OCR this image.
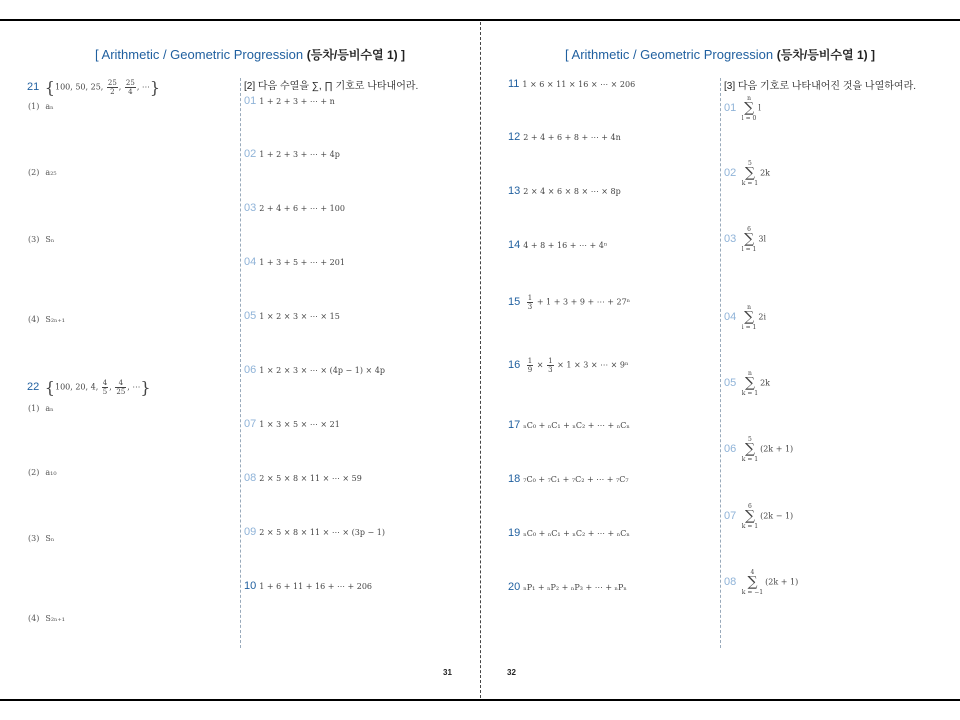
[ Arithmetic / Geometric Progression (등차/등비수열 1) ]
21 {100, 50, 25, $\frac{25}{2}$ , $\frac{25}{4}$ , ⋯}
(1) aₙ
(2) a₂₅
(3) Sₙ
(4) S₂ₙ₊₁
22 {100, 20, 4, $\frac{4}{5}$ , $\frac{4}{25}$ , ⋯}
(1) aₙ
(2) a₁₀
(3) Sₙ
(4) S₂ₙ₊₁
[2] 다음 수열을 ∑, ∏ 기호로 나타내어라.
01 1 + 2 + 3 + ⋯ + n
02 1 + 2 + 3 + ⋯ + 4p
03 2 + 4 + 6 + ⋯ + 100
04 1 + 3 + 5 + ⋯ + 201
05 1 × 2 × 3 × ⋯ × 15
06 1 × 2 × 3 × ⋯ × (4p − 1) × 4p
07 1 × 3 × 5 × ⋯ × 21
08 2 × 5 × 8 × 11 × ⋯ × 59
09 2 × 5 × 8 × 11 × ⋯ × (3p − 1)
10 1 + 6 + 11 + 16 + ⋯ + 206
31
[ Arithmetic / Geometric Progression (등차/등비수열 1) ]
11 1 × 6 × 11 × 16 × ⋯ × 206
12 2 + 4 + 6 + 8 + ⋯ + 4n
13 2 × 4 × 6 × 8 × ⋯ × 8p
14 4 + 8 + 16 + ⋯ + 4ⁿ
$15 \frac{1}{3} + 1 + 3 + 9$ + ⋯ + 27ⁿ
$16 \frac{1}{9} \times \frac{1}{3} \times 1 \times 3$ × ⋯ × 9ⁿ
17 ₙC₀ + ₙC₁ + ₙC₂ + ⋯ + ₙCₙ
18 ₇C₀ + ₇C₁ + ₇C₂ + ⋯ + ₇C₇
19 ₙC₀ + ₙC₁ + ₙC₂ + ⋯ + ₙCₙ
20 ₙP₁ + ₙP₂ + ₙP₃ + ⋯ + ₙPₙ
[3] 다음 기호로 나타내어진 것을 나열하여라.
01
n
∑
l = 0
l
02
5
∑
k = 1
2k
03
6
∑
l = 1
3l
04
n
∑
i = 1
2i
05
n
∑
k = 1
2k
06
5
∑
k = 1
(2k + 1)
07
6
∑
k = 1
(2k − 1)
08
4
∑
k = −1
(2k + 1)
32
